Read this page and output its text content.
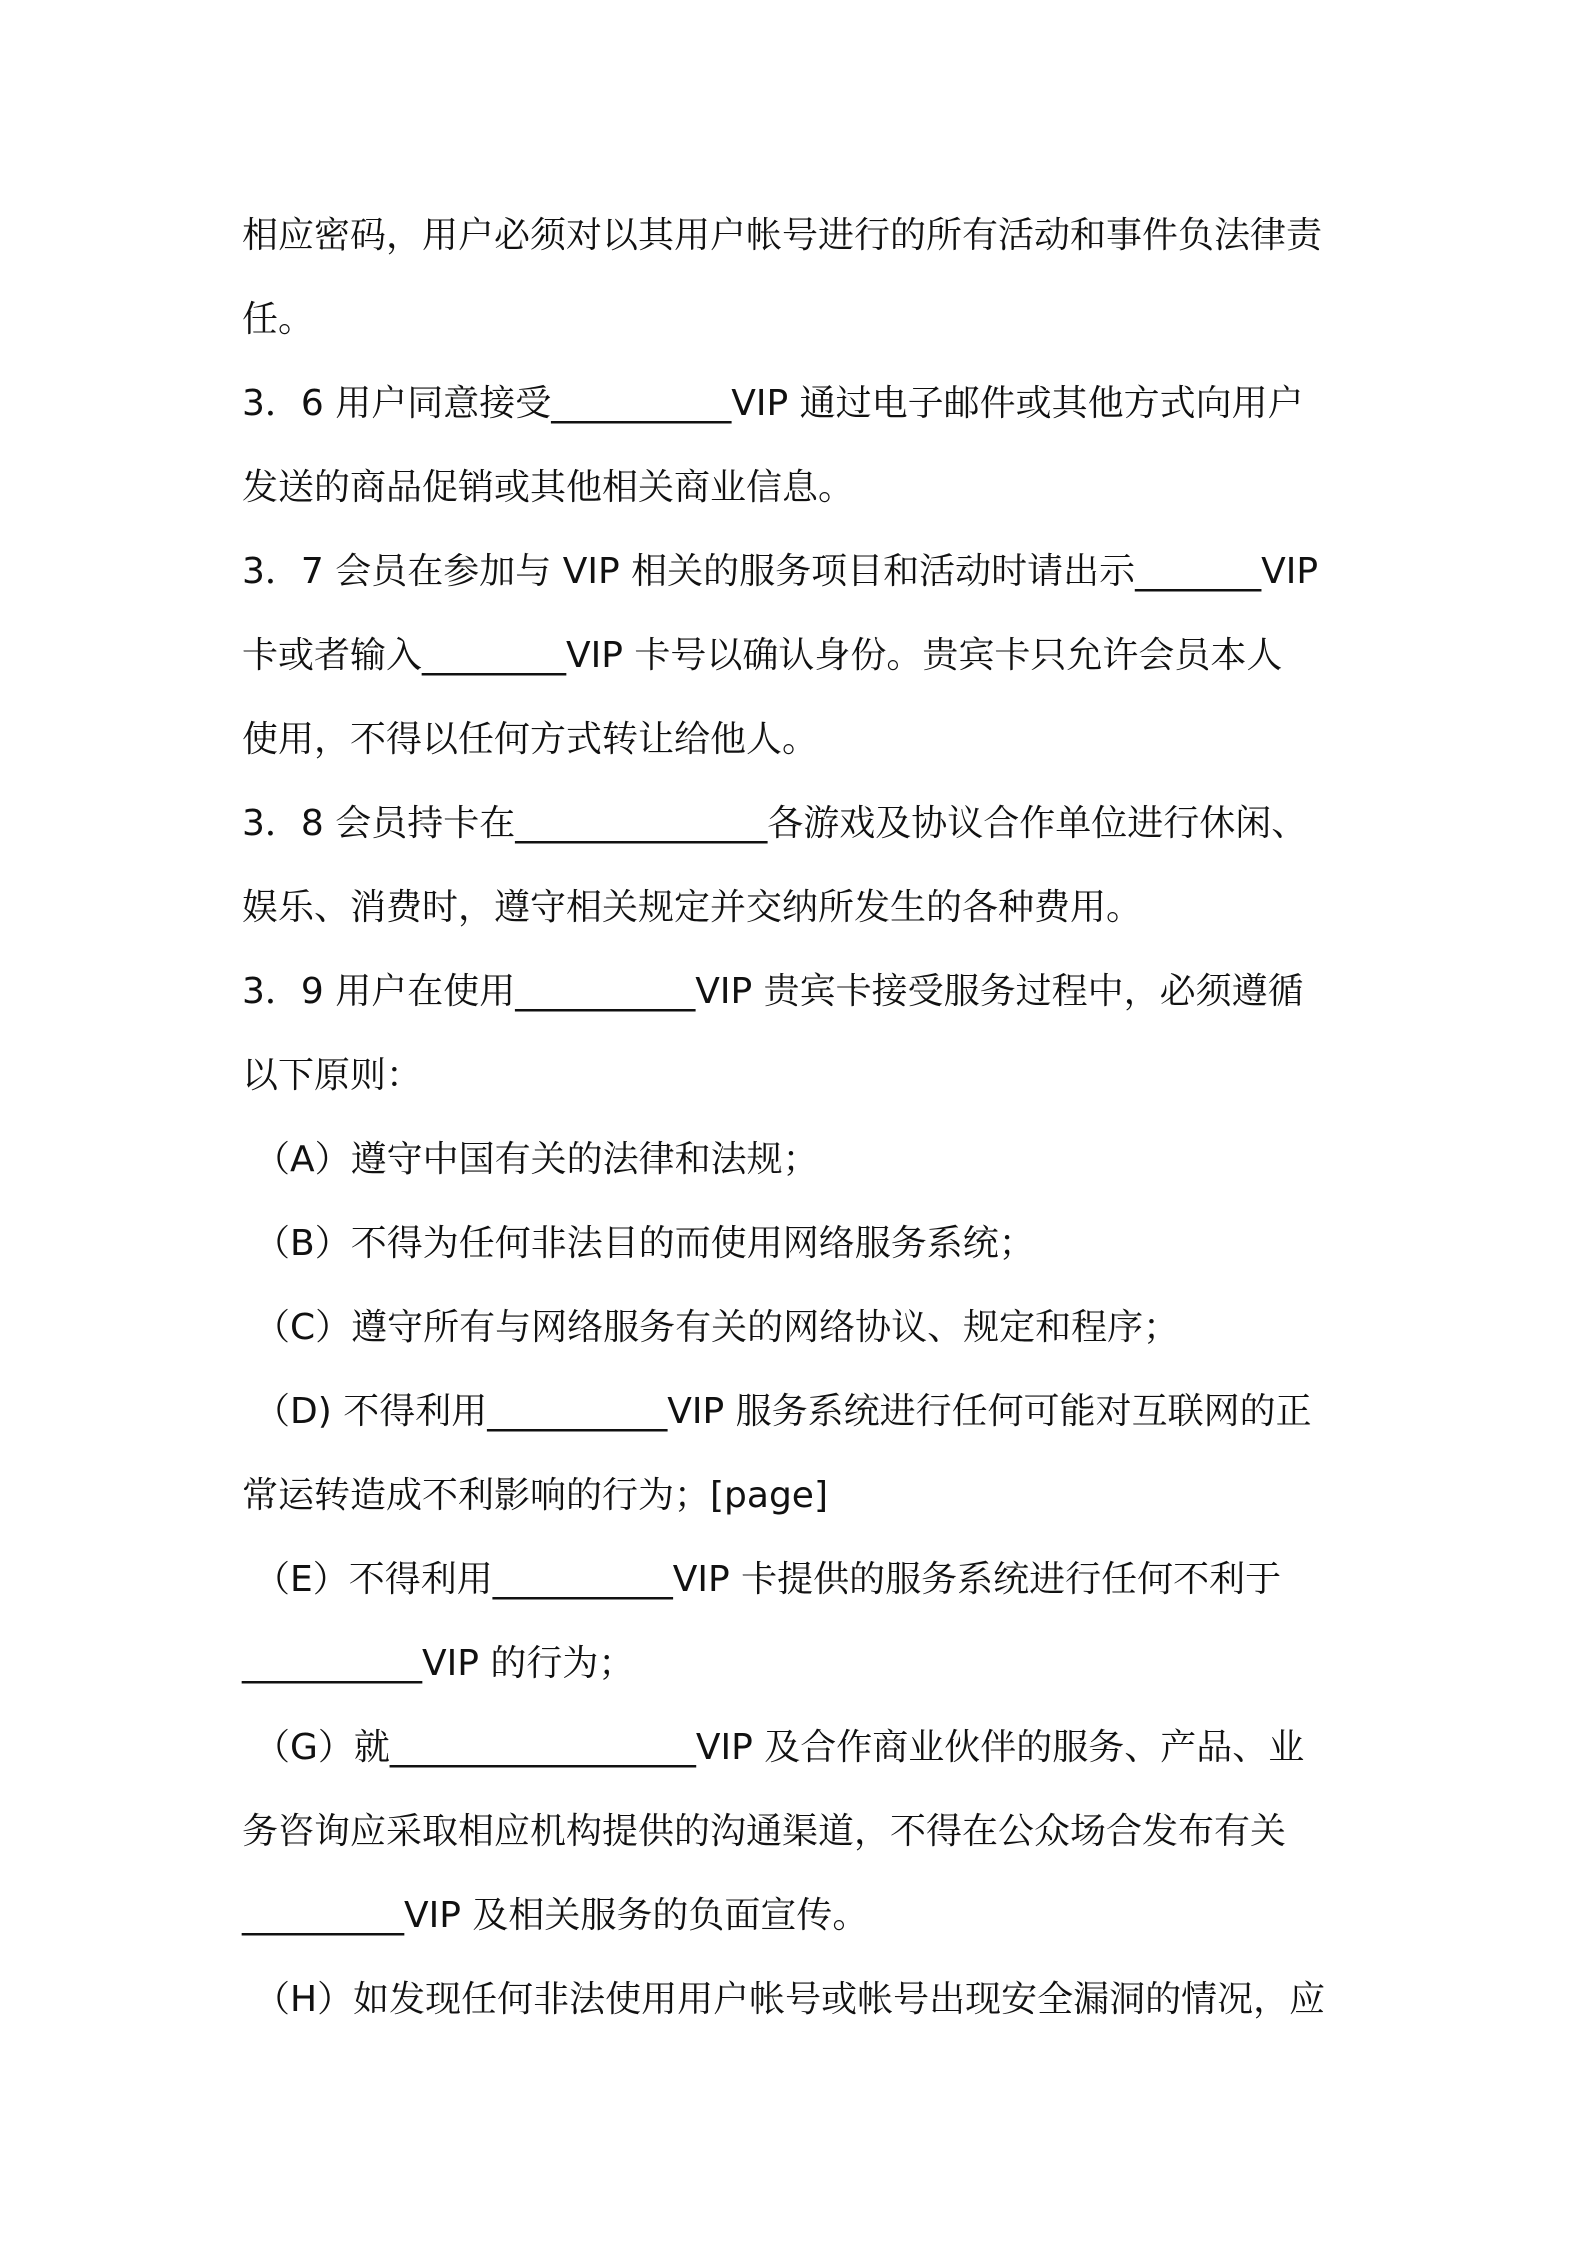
相应密码，用户必须对以其用户帐号进行的所有活动和事件负法律责
任。
3．6 用户同意接受__________VIP 通过电子邮件或其他方式向用户
发送的商品促销或其他相关商业信息。
3．7 会员在参加与 VIP 相关的服务项目和活动时请出示_______VIP
卡或者输入________VIP 卡号以确认身份。贵宾卡只允许会员本人
使用，不得以任何方式转让给他人。
3．8 会员持卡在______________各游戏及协议合作单位进行休闲、
娱乐、消费时，遵守相关规定并交纳所发生的各种费用。
3．9 用户在使用__________VIP 贵宾卡接受服务过程中，必须遵循
以下原则：
（A）遵守中国有关的法律和法规；
（B）不得为任何非法目的而使用网络服务系统；
（C）遵守所有与网络服务有关的网络协议、规定和程序；
（D) 不得利用__________VIP 服务系统进行任何可能对互联网的正
常运转造成不利影响的行为；[page]
（E）不得利用__________VIP 卡提供的服务系统进行任何不利于
__________VIP 的行为；
（G）就_________________VIP 及合作商业伙伴的服务、产品、业
务咨询应采取相应机构提供的沟通渠道，不得在公众场合发布有关
_________VIP 及相关服务的负面宣传。
（H）如发现任何非法使用用户帐号或帐号出现安全漏洞的情况，应
